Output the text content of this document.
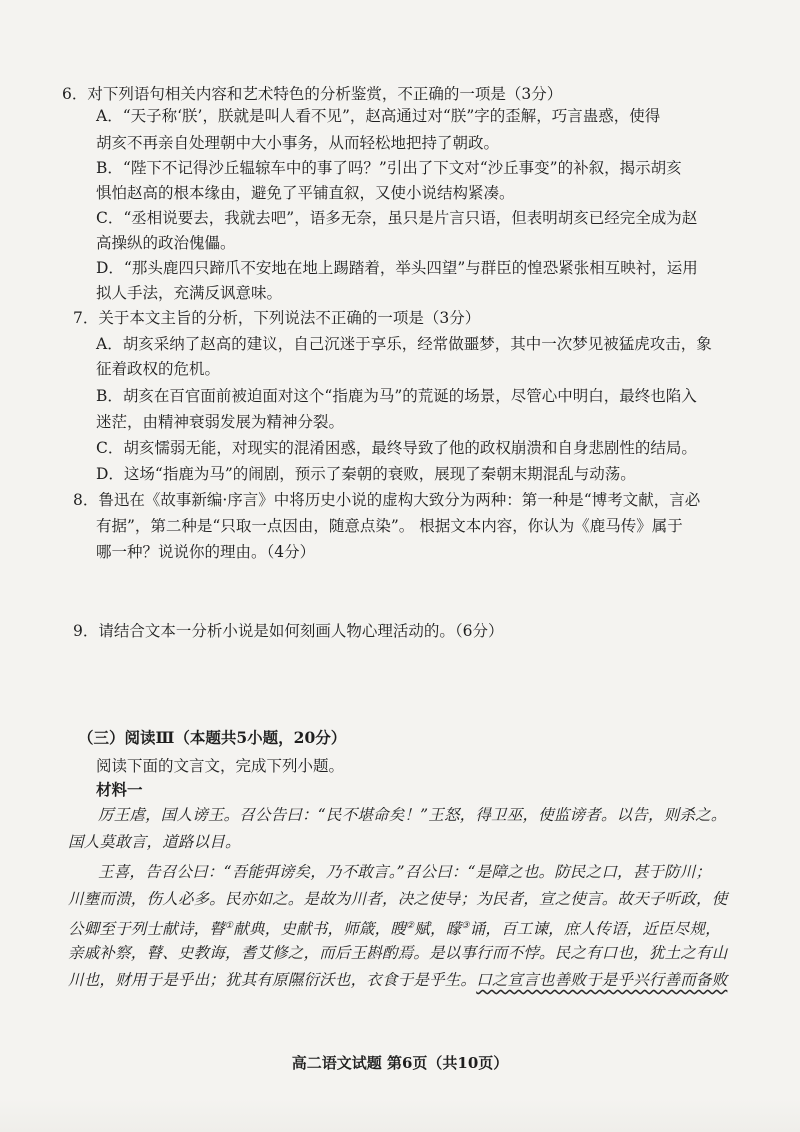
6．对下列语句相关内容和艺术特色的分析鉴赏，不正确的一项是（3分）
A．“天子称‘朕’，朕就是叫人看不见”，赵高通过对“朕”字的歪解，巧言蛊惑，使得
胡亥不再亲自处理朝中大小事务，从而轻松地把持了朝政。
B．“陛下不记得沙丘辒辌车中的事了吗？”引出了下文对“沙丘事变”的补叙，揭示胡亥
惧怕赵高的根本缘由，避免了平铺直叙，又使小说结构紧凑。
C．“丞相说要去，我就去吧”，语多无奈，虽只是片言只语，但表明胡亥已经完全成为赵
高操纵的政治傀儡。
D．“那头鹿四只蹄爪不安地在地上踢踏着，举头四望”与群臣的惶恐紧张相互映衬，运用
拟人手法，充满反讽意味。
7．关于本文主旨的分析，下列说法不正确的一项是（3分）
A．胡亥采纳了赵高的建议，自己沉迷于享乐，经常做噩梦，其中一次梦见被猛虎攻击，象
征着政权的危机。
B．胡亥在百官面前被迫面对这个“指鹿为马”的荒诞的场景，尽管心中明白，最终也陷入
迷茫，由精神衰弱发展为精神分裂。
C．胡亥懦弱无能，对现实的混淆困惑，最终导致了他的政权崩溃和自身悲剧性的结局。
D．这场“指鹿为马”的闹剧，预示了秦朝的衰败，展现了秦朝末期混乱与动荡。
8．鲁迅在《故事新编·序言》中将历史小说的虚构大致分为两种：第一种是“博考文献，言必
有据”，第二种是“只取一点因由，随意点染”。 根据文本内容，你认为《鹿马传》属于
哪一种？说说你的理由。（4分）
9．请结合文本一分析小说是如何刻画人物心理活动的。（6分）
（三）阅读Ⅲ（本题共5小题，20分）
阅读下面的文言文，完成下列小题。
材料一
厉王虐，国人谤王。召公告曰：“民不堪命矣！”王怒，得卫巫，使监谤者。以告，则杀之。
国人莫敢言，道路以目。
王喜，告召公曰：“吾能弭谤矣，乃不敢言。”召公曰：“是障之也。防民之口，甚于防川；
川壅而溃，伤人必多。民亦如之。是故为川者，决之使导；为民者，宣之使言。故天子听政，使
公卿至于列士献诗，瞽①献典，史献书，师箴，瞍②赋，矇③诵，百工谏，庶人传语，近臣尽规，
亲戚补察，瞽、史教诲，耆艾修之，而后王斟酌焉。是以事行而不悖。民之有口也，犹土之有山
川也，财用于是乎出；犹其有原隰衍沃也，衣食于是乎生。口之宣言也善败于是乎兴行善而备败
高二语文试题 第6页（共10页）
